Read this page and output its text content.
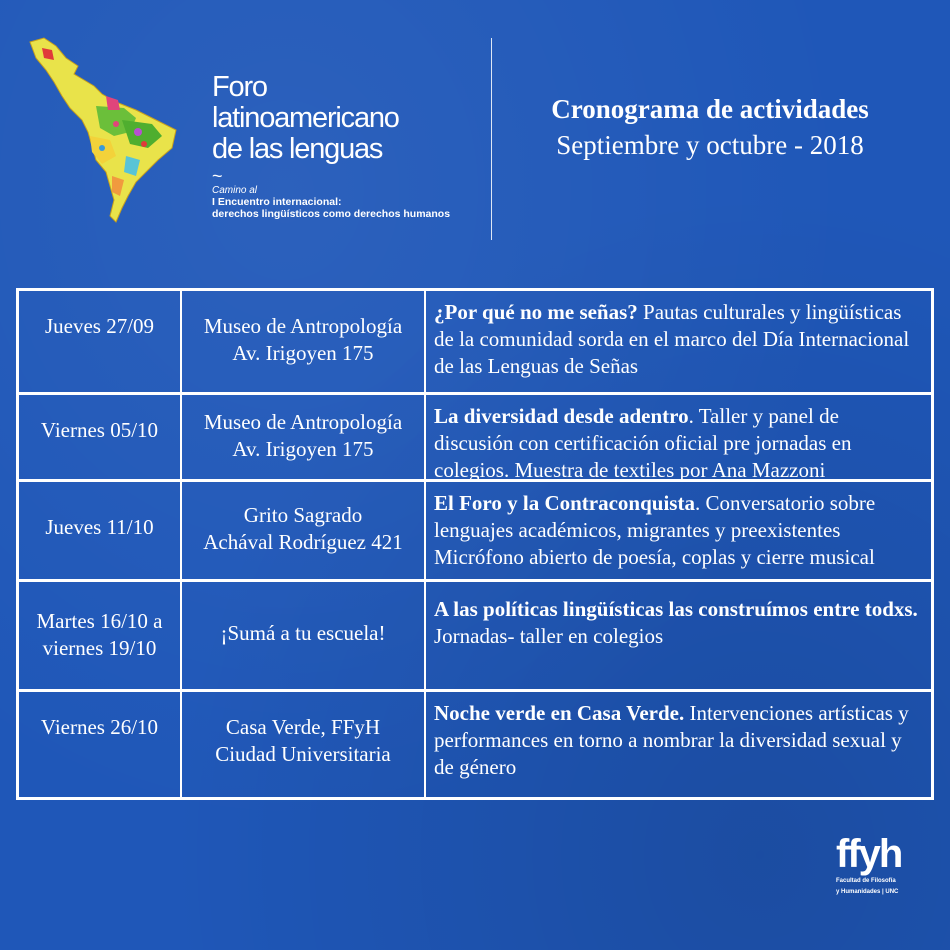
Foro
latinoamericano
de las lenguas
~
Camino al
I Encuentro internacional:
derechos lingüísticos como derechos humanos
Cronograma de actividades
Septiembre y octubre - 2018
Jueves 27/09 Museo de Antropología
Av. Irigoyen 175
¿Por qué no me señas? Pautas culturales y lingüísticas de la comunidad sorda en el marco del Día Internacional de las Lenguas de Señas
Viernes 05/10 Museo de Antropología
Av. Irigoyen 175
La diversidad desde adentro. Taller y panel de discusión con certificación oficial pre jornadas en colegios. Muestra de textiles por Ana Mazzoni
Jueves 11/10	Grito Sagrado
Achával Rodríguez 421
El Foro y la Contraconquista. Conversatorio sobre lenguajes académicos, migrantes y preexistentes Micrófono abierto de poesía, coplas y cierre musical
Martes 16/10 a
viernes 19/10
¡Sumá a tu escuela!
A las políticas lingüísticas las construímos entre todxs. Jornadas- taller en colegios
Viernes 26/10	Casa Verde, FFyH
Ciudad Universitaria
Noche verde en Casa Verde. Intervenciones artísticas y performances en torno a nombrar la diversidad sexual y de género
ffyh
Facultad de Filosofía
y Humanidades | UNC
